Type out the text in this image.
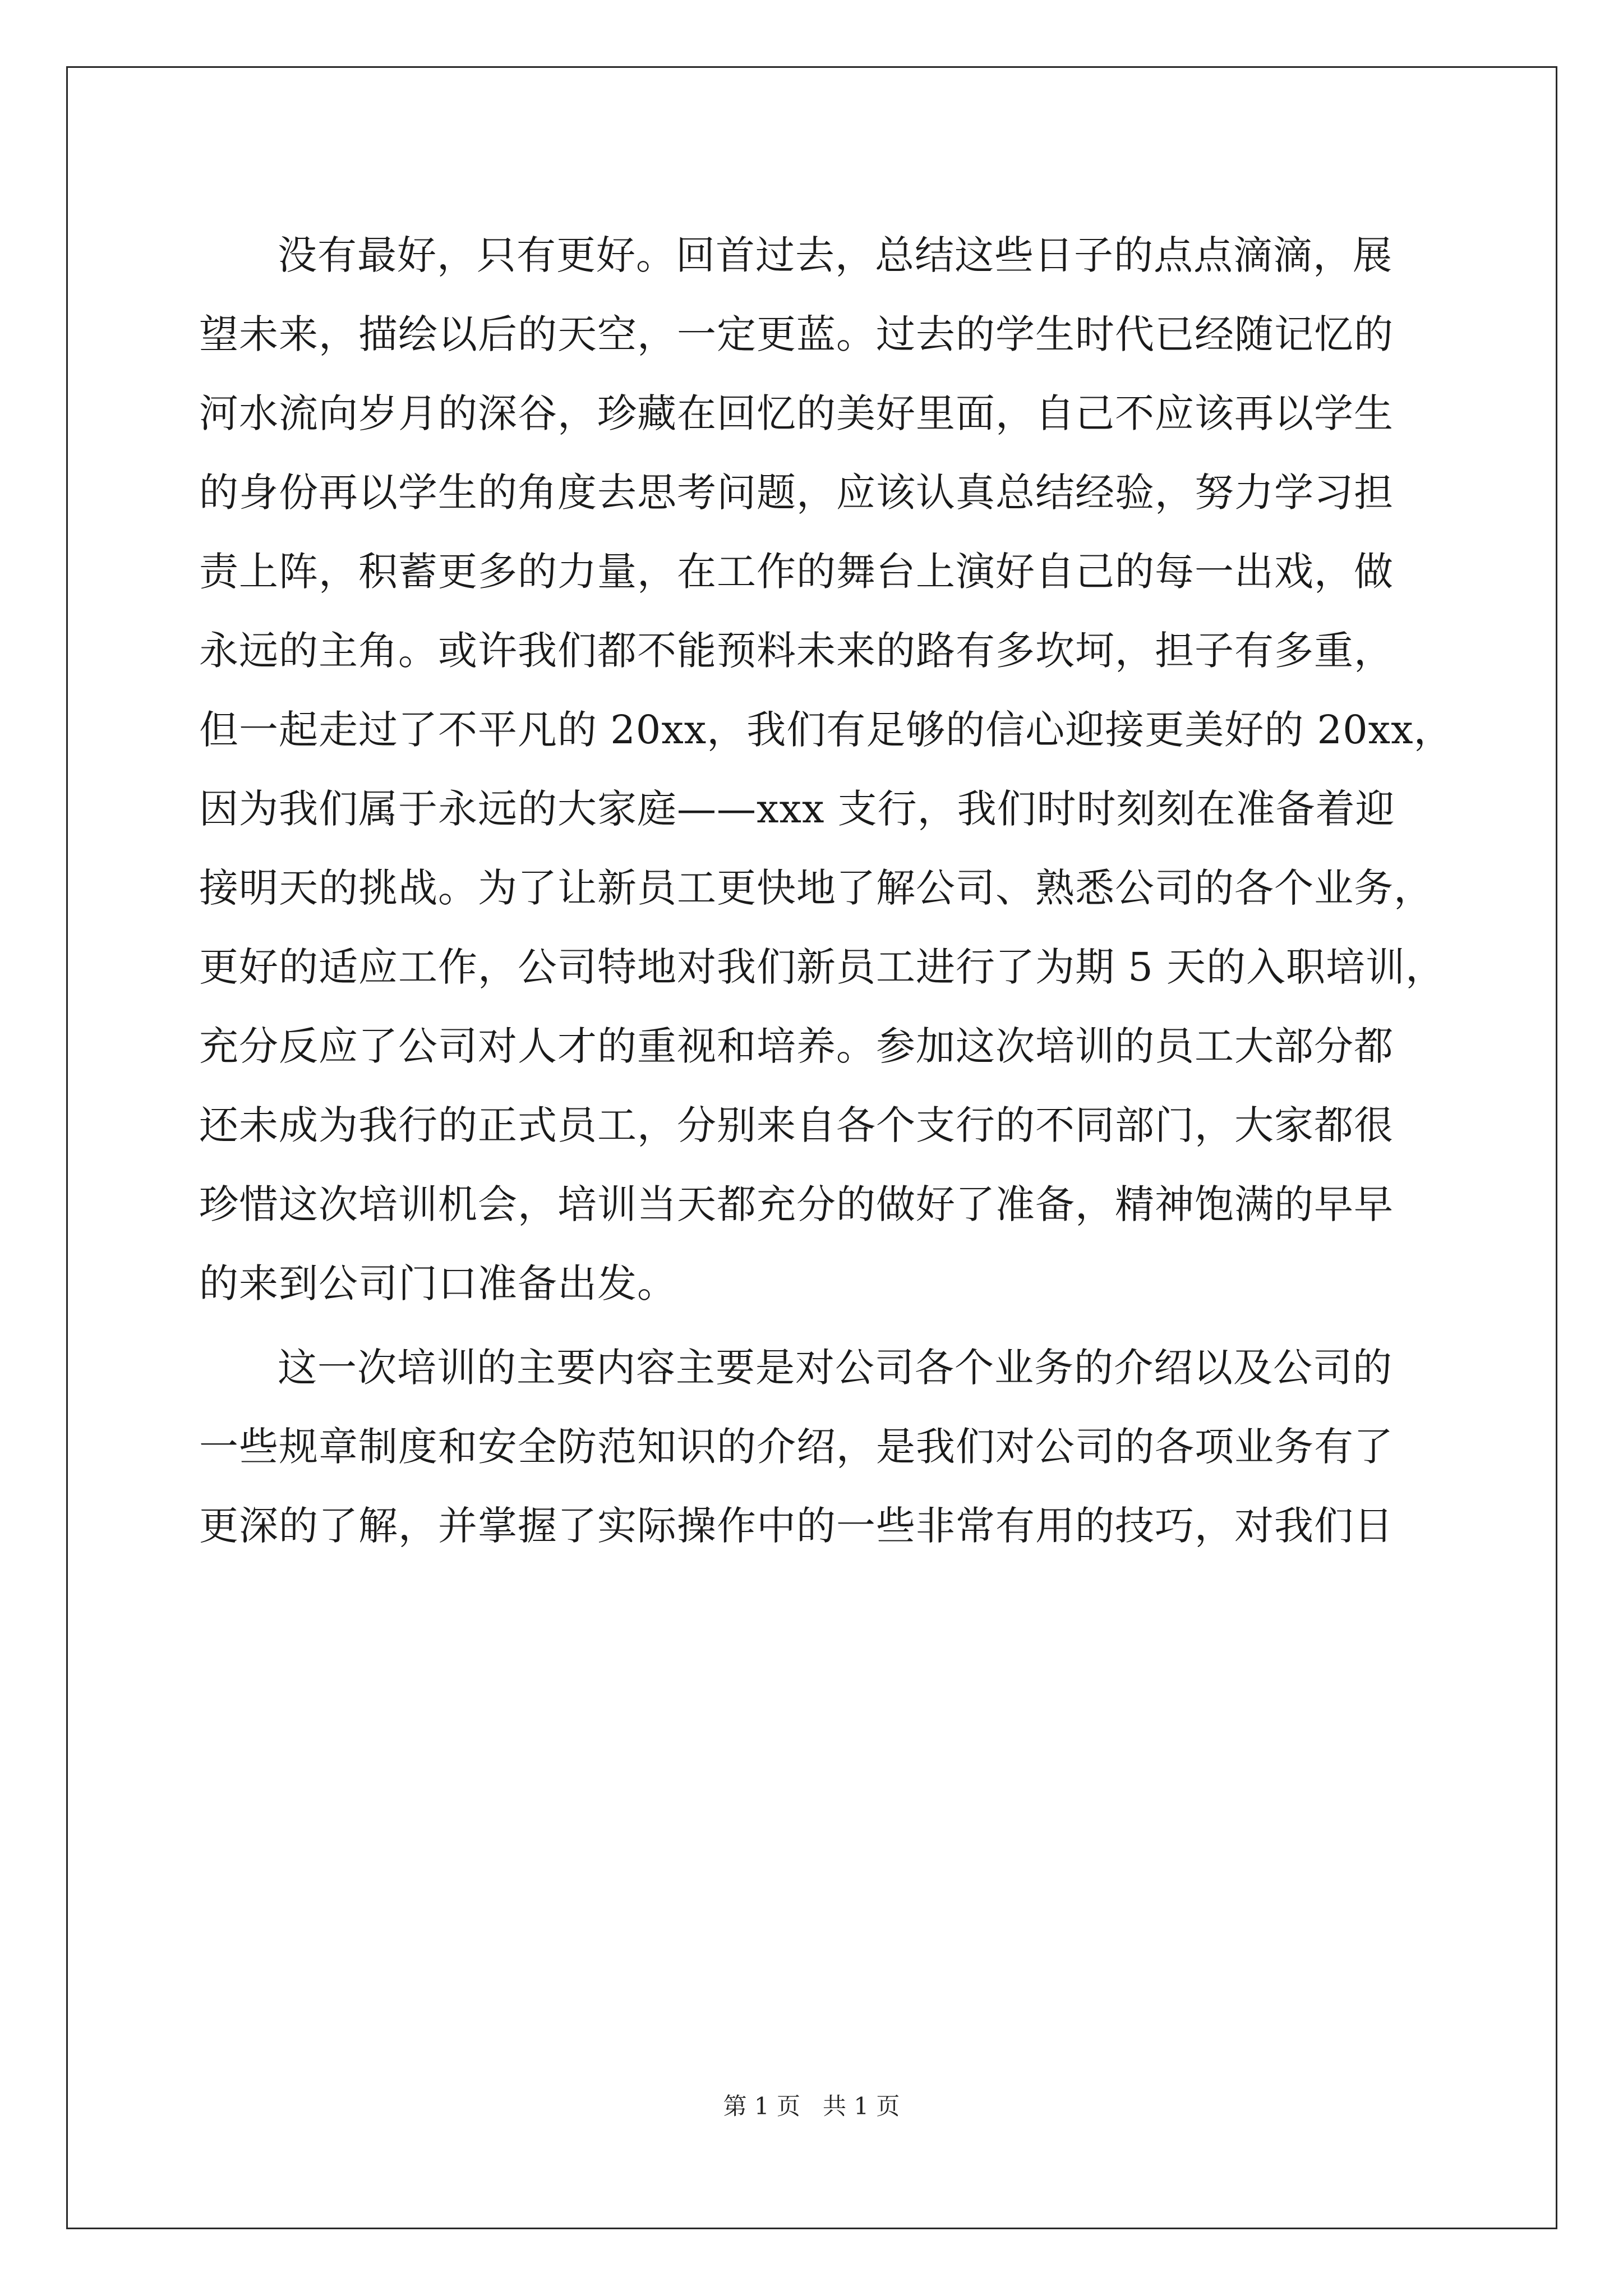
没有最好，只有更好。回首过去，总结这些日子的点点滴滴，展
望未来，描绘以后的天空，一定更蓝。过去的学生时代已经随记忆的
河水流向岁月的深谷，珍藏在回忆的美好里面，自己不应该再以学生
的身份再以学生的角度去思考问题，应该认真总结经验，努力学习担
责上阵，积蓄更多的力量，在工作的舞台上演好自己的每一出戏，做
永远的主角。或许我们都不能预料未来的路有多坎坷，担子有多重，
但一起走过了不平凡的 20xx，我们有足够的信心迎接更美好的 20xx，
因为我们属于永远的大家庭——xxx 支行，我们时时刻刻在准备着迎
接明天的挑战。为了让新员工更快地了解公司、熟悉公司的各个业务，
更好的适应工作，公司特地对我们新员工进行了为期 5 天的入职培训，
充分反应了公司对人才的重视和培养。参加这次培训的员工大部分都
还未成为我行的正式员工，分别来自各个支行的不同部门，大家都很
珍惜这次培训机会，培训当天都充分的做好了准备，精神饱满的早早
的来到公司门口准备出发。
这一次培训的主要内容主要是对公司各个业务的介绍以及公司的
一些规章制度和安全防范知识的介绍，是我们对公司的各项业务有了
更深的了解，并掌握了实际操作中的一些非常有用的技巧，对我们日
第 1 页 共 1 页
